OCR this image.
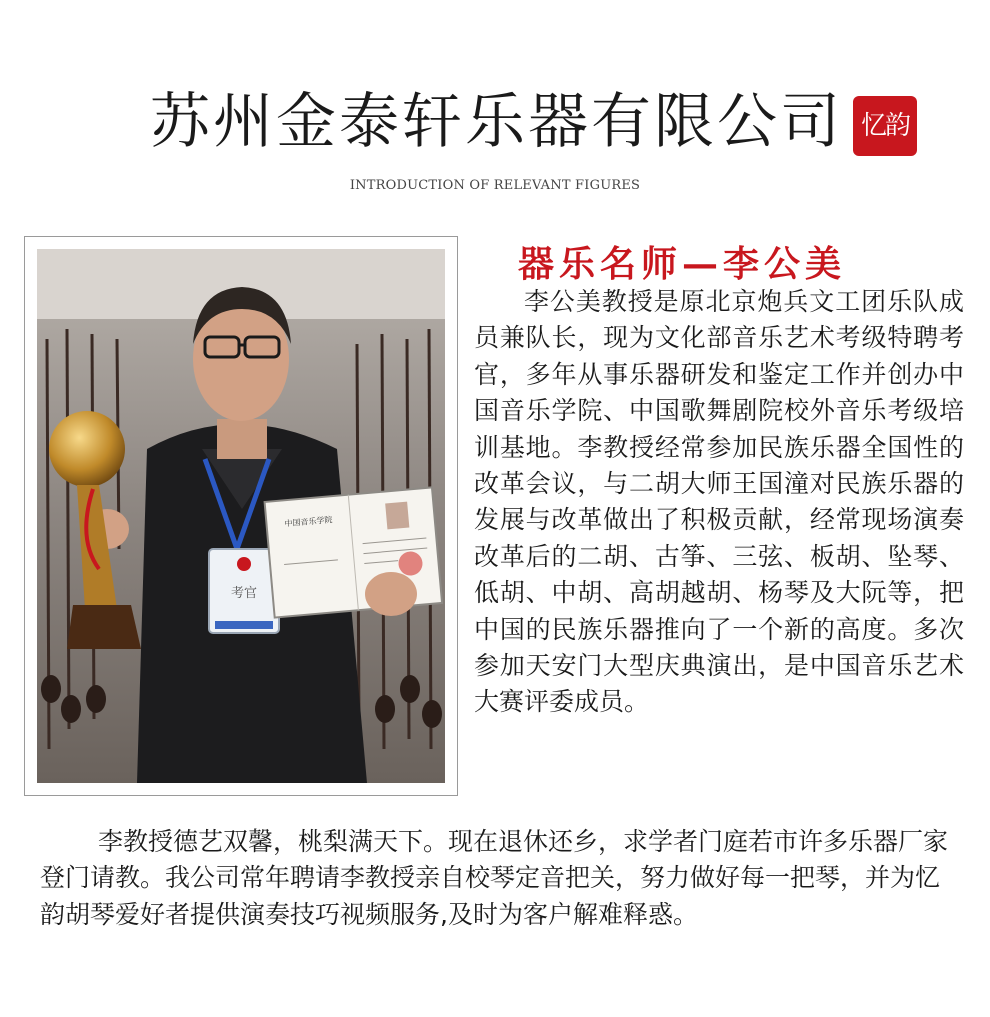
苏州金泰轩乐器有限公司 忆韵
INTRODUCTION OF RELEVANT FIGURES
考官
中国音乐学院
器乐名师—李公美

李公美教授是原北京炮兵文工团乐队成员兼队长，现为文化部音乐艺术考级特聘考官，多年从事乐器研发和鉴定工作并创办中国音乐学院、中国歌舞剧院校外音乐考级培训基地。李教授经常参加民族乐器全国性的改革会议，与二胡大师王国潼对民族乐器的发展与改革做出了积极贡献，经常现场演奏改革后的二胡、古筝、三弦、板胡、坠琴、低胡、中胡、高胡越胡、杨琴及大阮等，把中国的民族乐器推向了一个新的高度。多次参加天安门大型庆典演出，是中国音乐艺术大赛评委成员。

李教授德艺双馨，桃梨满天下。现在退休还乡，求学者门庭若市许多乐器厂家登门请教。我公司常年聘请李教授亲自校琴定音把关，努力做好每一把琴，并为忆韵胡琴爱好者提供演奏技巧视频服务,及时为客户解难释惑。
